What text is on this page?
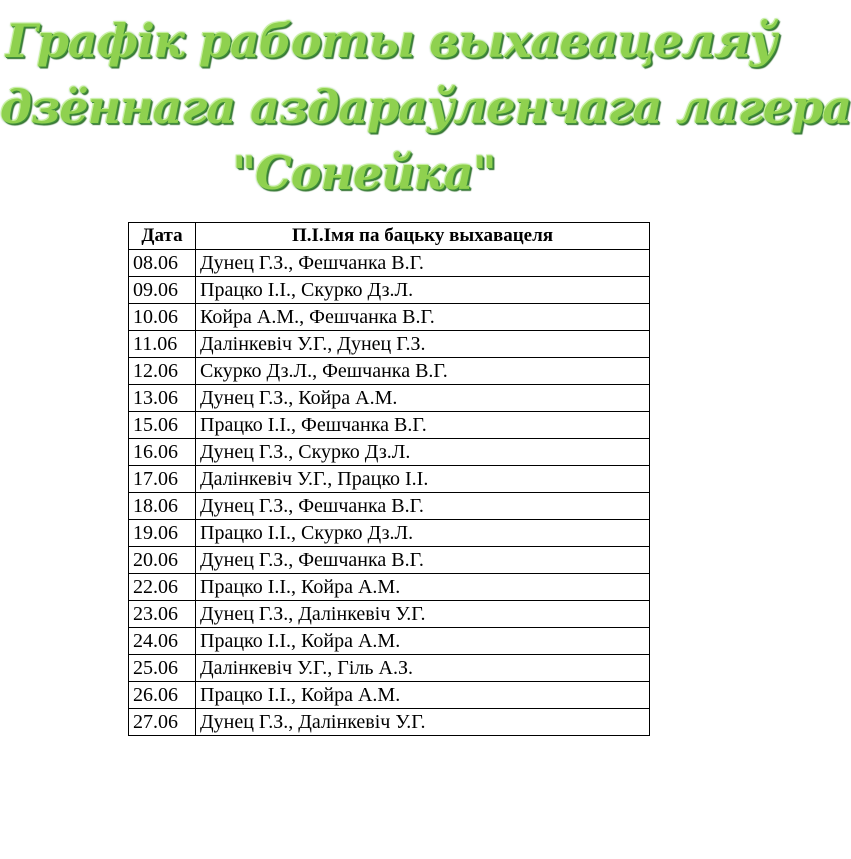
Графік работы выхавацеляў
дзённага аздараўленчага лагера
"Сонейка"
Дата	П.І.Імя па бацьку выхавацеля
08.06	Дунец Г.З., Фешчанка В.Г.
09.06	Працко І.І., Скурко Дз.Л.
10.06	Койра А.М., Фешчанка В.Г.
11.06	Далінкевіч У.Г., Дунец Г.З.
12.06	Скурко Дз.Л., Фешчанка В.Г.
13.06	Дунец Г.З., Койра А.М.
15.06	Працко І.І., Фешчанка В.Г.
16.06	Дунец Г.З., Скурко Дз.Л.
17.06	Далінкевіч У.Г., Працко І.І.
18.06	Дунец Г.З., Фешчанка В.Г.
19.06	Працко І.І., Скурко Дз.Л.
20.06	Дунец Г.З., Фешчанка В.Г.
22.06	Працко І.І., Койра А.М.
23.06	Дунец Г.З., Далінкевіч У.Г.
24.06	Працко І.І., Койра А.М.
25.06	Далінкевіч У.Г., Гіль А.З.
26.06	Працко І.І., Койра А.М.
27.06	Дунец Г.З., Далінкевіч У.Г.
